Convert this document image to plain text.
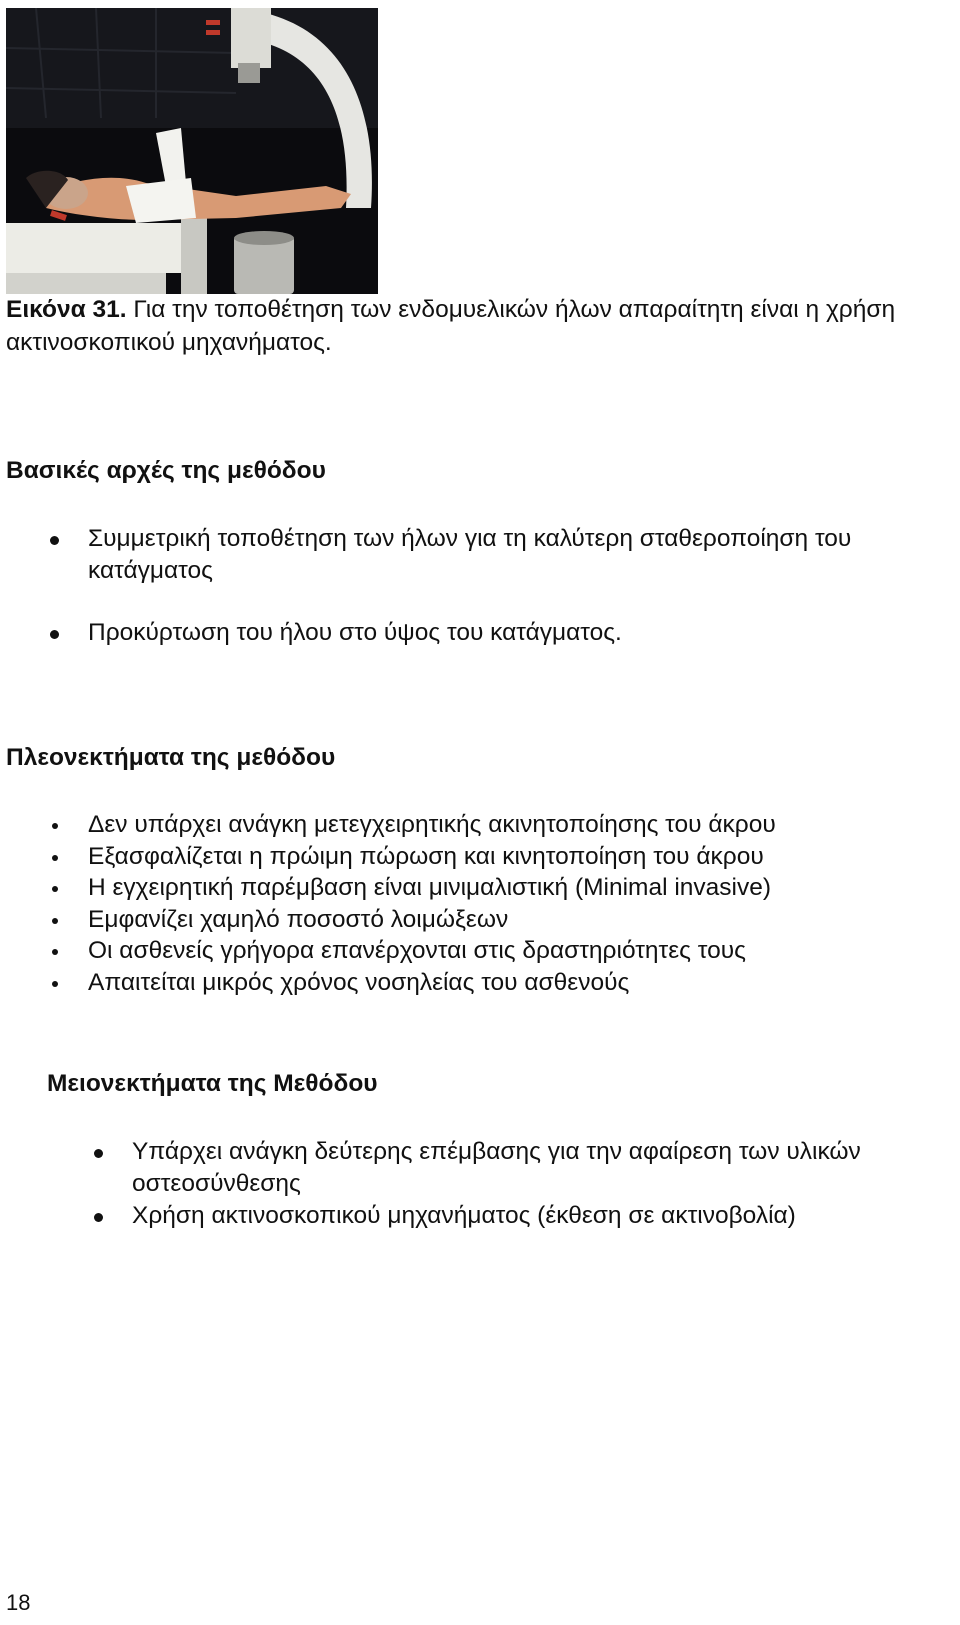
Εικόνα 31. Για την τοποθέτηση των ενδομυελικών ήλων απαραίτητη είναι η χρήση ακτινοσκοπικού μηχανήματος.

Βασικές αρχές της μεθόδου
Συμμετρική τοποθέτηση των ήλων για τη καλύτερη σταθεροποίηση του κατάγματος
Προκύρτωση του ήλου στο ύψος του κατάγματος.
Πλεονεκτήματα της μεθόδου
Δεν υπάρχει ανάγκη μετεγχειρητικής ακινητοποίησης του άκρου
Εξασφαλίζεται η πρώιμη πώρωση και κινητοποίηση του άκρου
Η εγχειρητική παρέμβαση είναι μινιμαλιστική (Minimal invasive)
Εμφανίζει χαμηλό ποσοστό λοιμώξεων
Οι ασθενείς γρήγορα επανέρχονται στις δραστηριότητες τους
Απαιτείται μικρός χρόνος νοσηλείας του ασθενούς
Μειονεκτήματα της Μεθόδου
Υπάρχει ανάγκη δεύτερης επέμβασης για την αφαίρεση των υλικών οστεοσύνθεσης
Χρήση ακτινοσκοπικού μηχανήματος (έκθεση σε ακτινοβολία)
18
